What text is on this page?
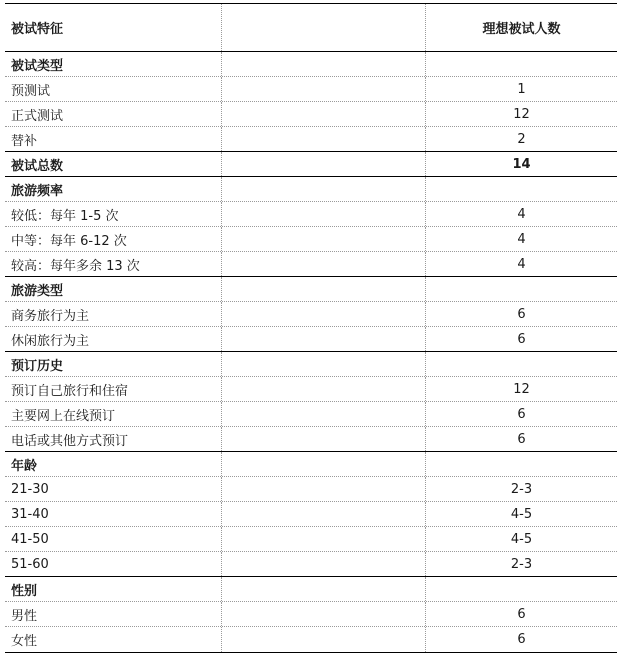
被试特征	理想被试人数
被试类型
预测试	1
正式测试	12
替补	2
被试总数	14
旅游频率
较低：每年 1-5 次	4
中等：每年 6-12 次	4
较高：每年多余 13 次	4
旅游类型
商务旅行为主	6
休闲旅行为主	6
预订历史
预订自己旅行和住宿	12
主要网上在线预订	6
电话或其他方式预订	6
年龄
21-30	2-3
31-40	4-5
41-50	4-5
51-60	2-3
性别
男性	6
女性	6
